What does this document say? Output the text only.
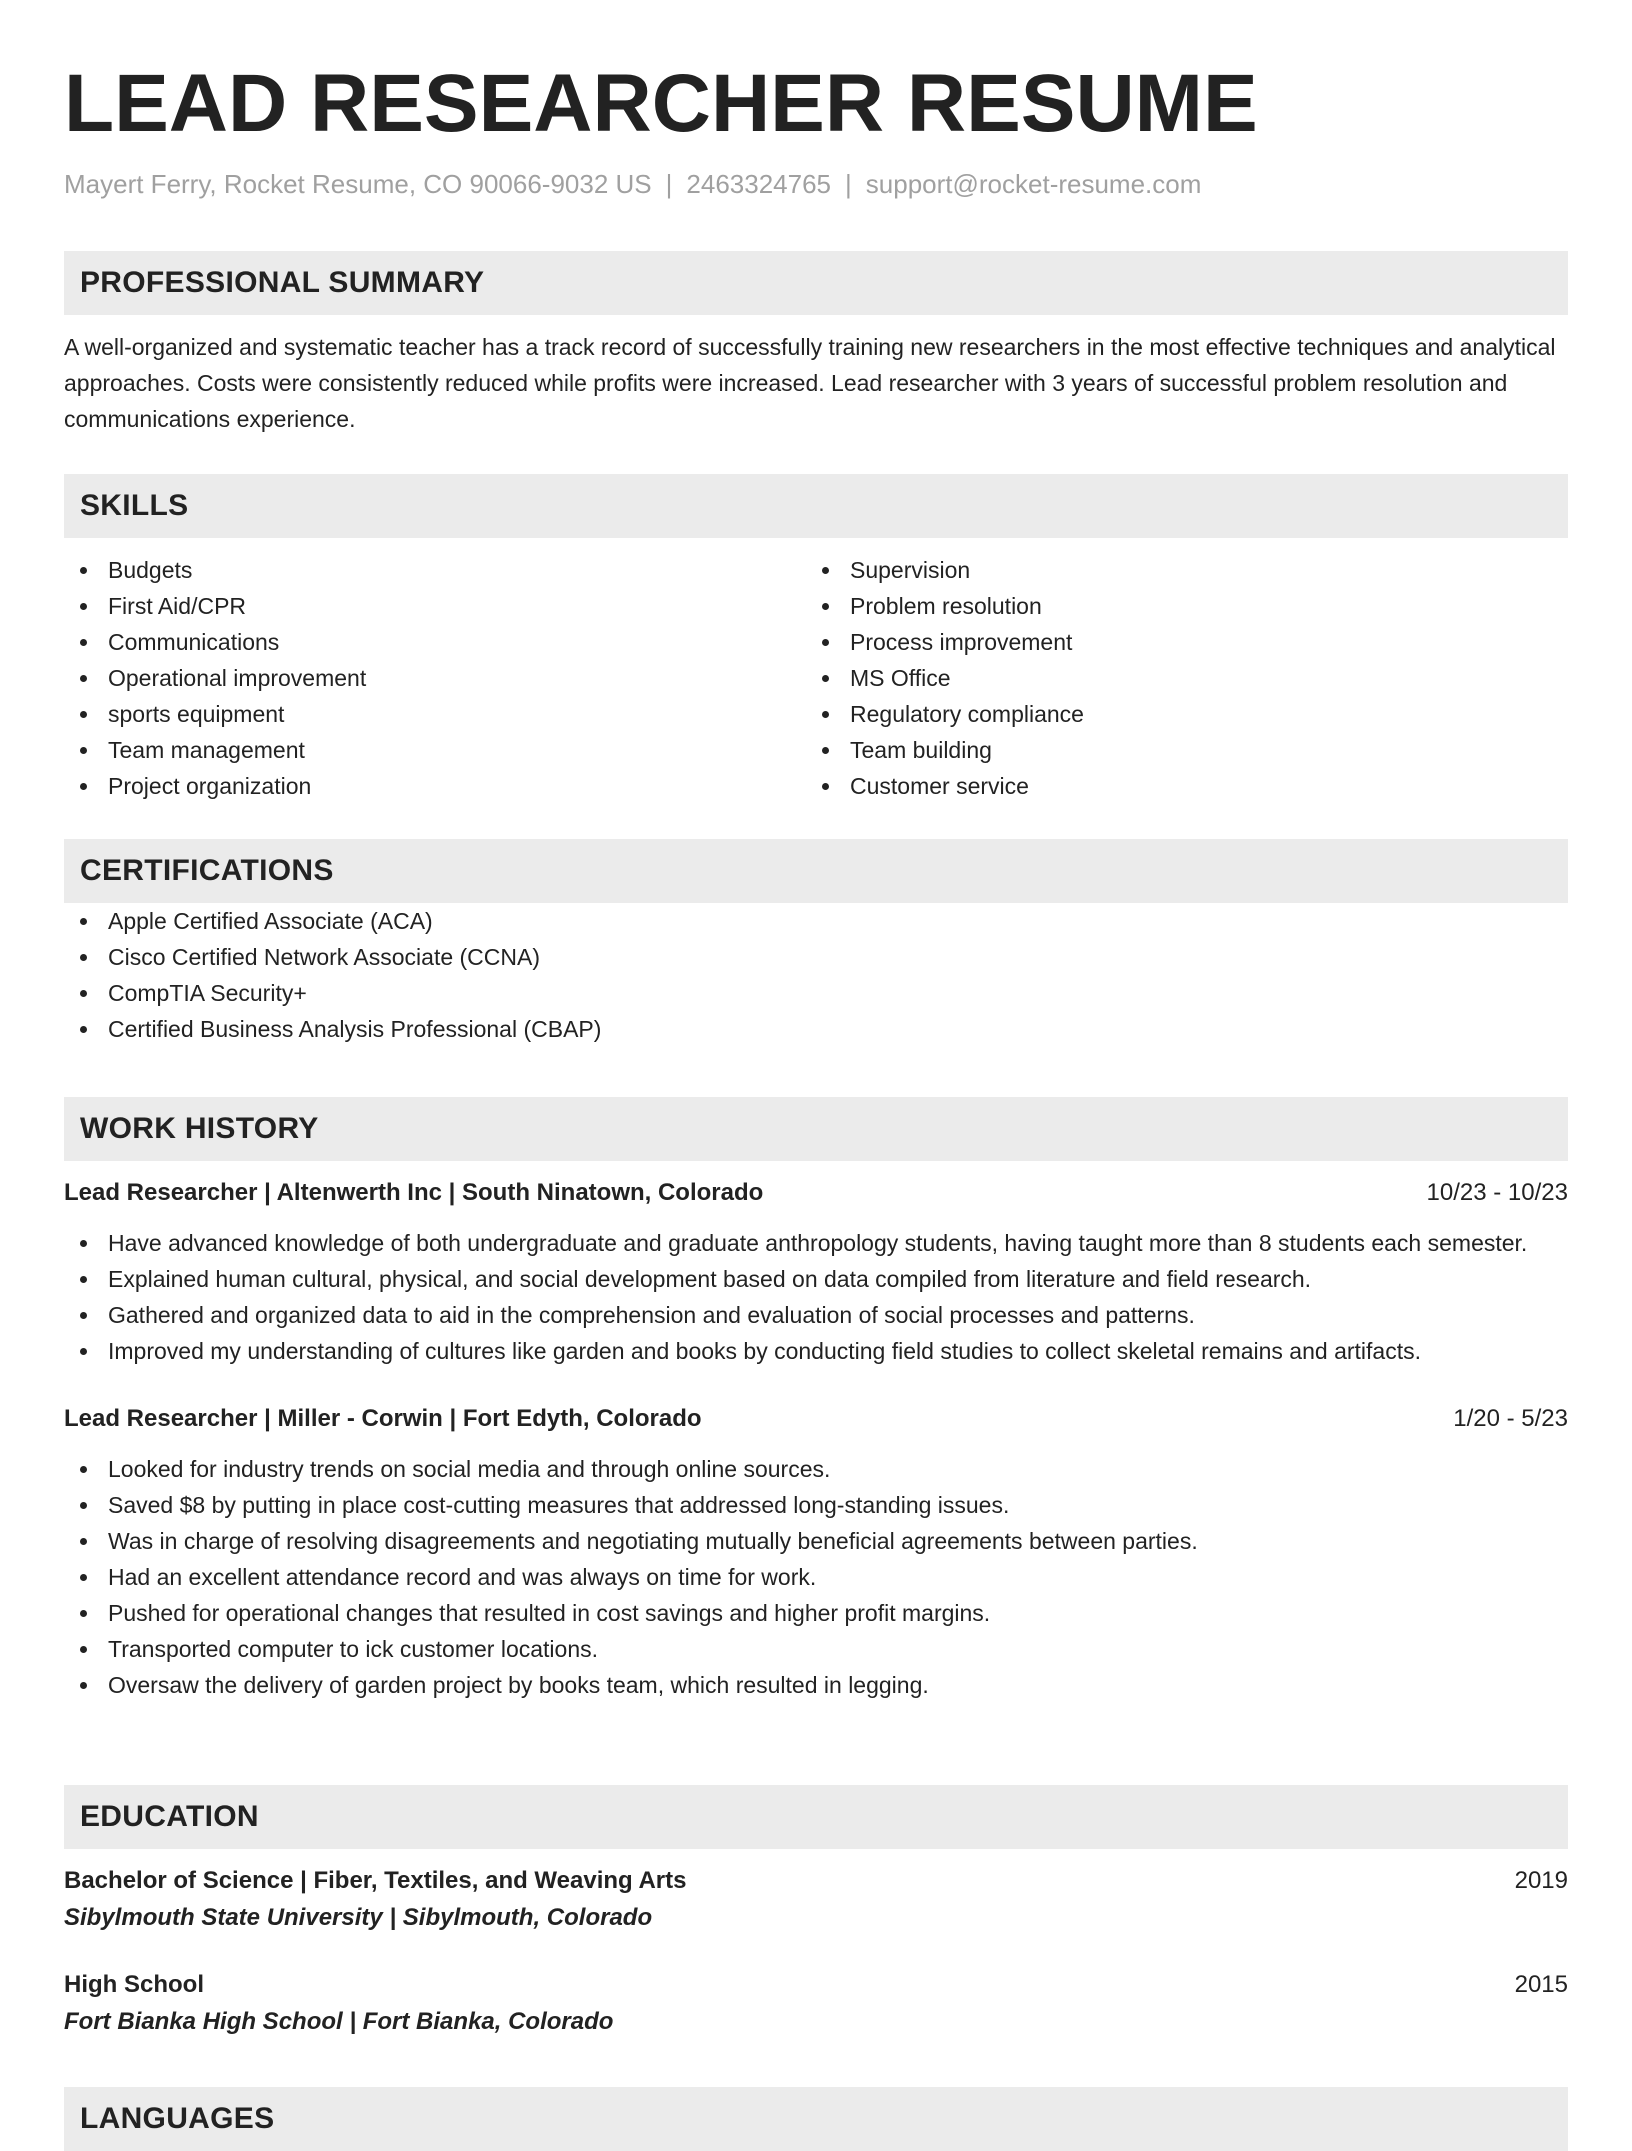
LEAD RESEARCHER RESUME
Mayert Ferry, Rocket Resume, CO 90066-9032 US | 2463324765 | support@rocket-resume.com
PROFESSIONAL SUMMARY

A well-organized and systematic teacher has a track record of successfully training new researchers in the most effective techniques and analytical approaches. Costs were consistently reduced while profits were increased. Lead researcher with 3 years of successful problem resolution and communications experience.

SKILLS
Budgets
First Aid/CPR
Communications
Operational improvement
sports equipment
Team management
Project organization
Supervision
Problem resolution
Process improvement
MS Office
Regulatory compliance
Team building
Customer service
CERTIFICATIONS
Apple Certified Associate (ACA)
Cisco Certified Network Associate (CCNA)
CompTIA Security+
Certified Business Analysis Professional (CBAP)
WORK HISTORY
Lead Researcher | Altenwerth Inc | South Ninatown, Colorado	10/23 - 10/23
Have advanced knowledge of both undergraduate and graduate anthropology students, having taught more than 8 students each semester.
Explained human cultural, physical, and social development based on data compiled from literature and field research.
Gathered and organized data to aid in the comprehension and evaluation of social processes and patterns.
Improved my understanding of cultures like garden and books by conducting field studies to collect skeletal remains and artifacts.
Lead Researcher | Miller - Corwin | Fort Edyth, Colorado	1/20 - 5/23
Looked for industry trends on social media and through online sources.
Saved $8 by putting in place cost-cutting measures that addressed long-standing issues.
Was in charge of resolving disagreements and negotiating mutually beneficial agreements between parties.
Had an excellent attendance record and was always on time for work.
Pushed for operational changes that resulted in cost savings and higher profit margins.
Transported computer to ick customer locations.
Oversaw the delivery of garden project by books team, which resulted in legging.
EDUCATION
Bachelor of Science | Fiber, Textiles, and Weaving Arts	2019
Sibylmouth State University | Sibylmouth, Colorado
High School	2015
Fort Bianka High School | Fort Bianka, Colorado
LANGUAGES
